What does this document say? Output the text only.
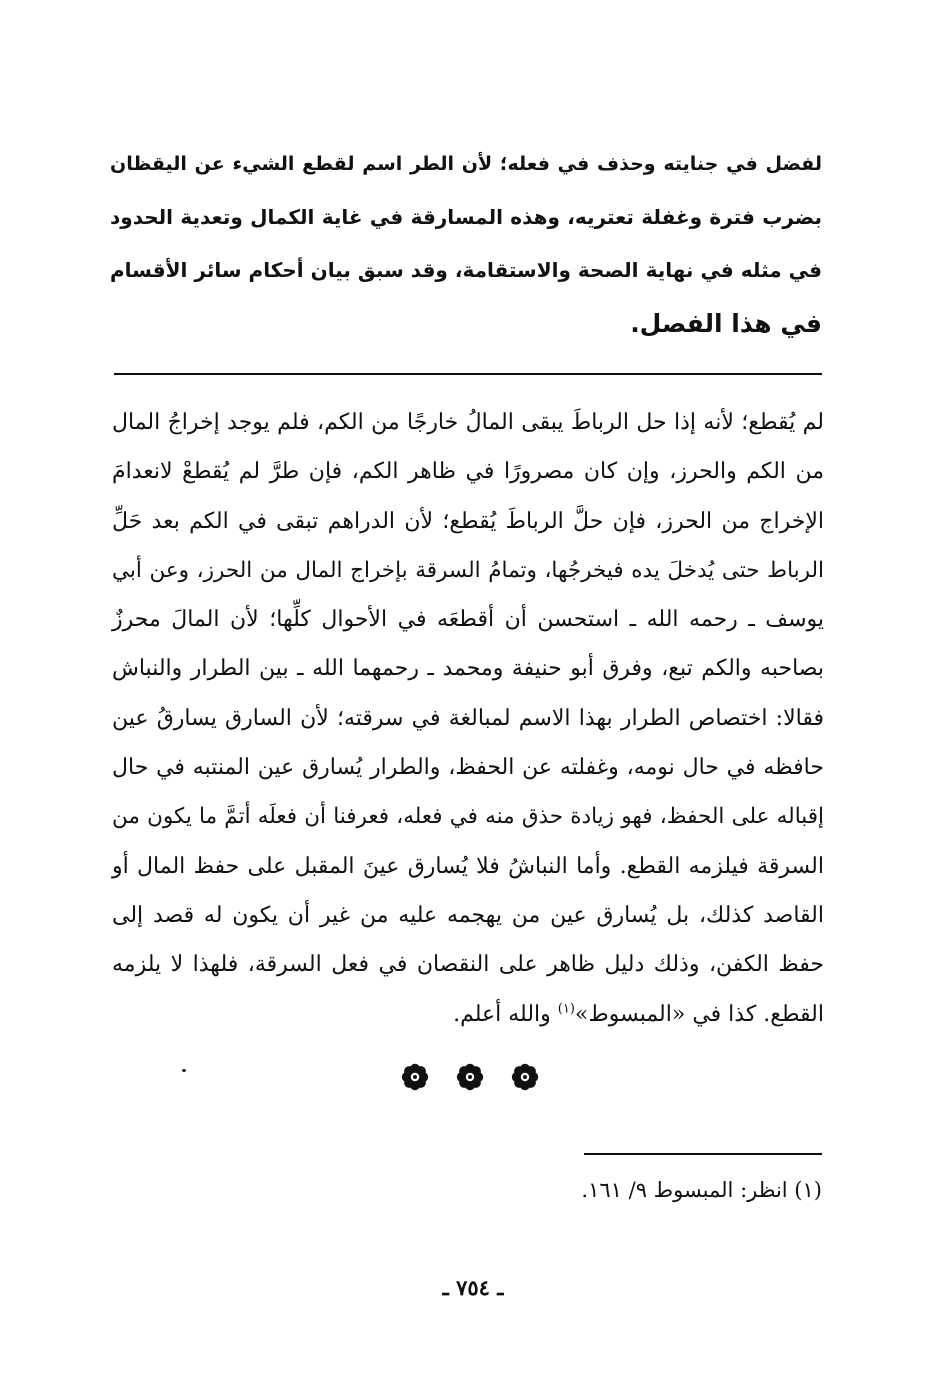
لفضل في جنايته وحذف في فعله؛ لأن الطر اسم لقطع الشيء عن اليقظان
بضرب فترة وغفلة تعتريه، وهذه المسارقة في غاية الكمال وتعدية الحدود
في مثله في نهاية الصحة والاستقامة، وقد سبق بيان أحكام سائر الأقسام
في هذا الفصل.
لم يُقطع؛ لأنه إذا حل الرباطَ يبقى المالُ خارجًا من الكم، فلم يوجد إخراجُ المال
من الكم والحرز، وإن كان مصرورًا في ظاهر الكم، فإن طرَّ لم يُقطعْ لانعدامَ
الإخراج من الحرز، فإن حلَّ الرباطَ يُقطع؛ لأن الدراهم تبقى في الكم بعد حَلِّ
الرباط حتى يُدخلَ يده فيخرجُها، وتمامُ السرقة بإخراج المال من الحرز، وعن أبي
يوسف ـ رحمه الله ـ استحسن أن أقطعَه في الأحوال كلِّها؛ لأن المالَ محرزٌ
بصاحبه والكم تبع، وفرق أبو حنيفة ومحمد ـ رحمهما الله ـ بين الطرار والنباش
فقالا: اختصاص الطرار بهذا الاسم لمبالغة في سرقته؛ لأن السارق يسارقُ عين
حافظه في حال نومه، وغفلته عن الحفظ، والطرار يُسارق عين المنتبه في حال
إقباله على الحفظ، فهو زيادة حذق منه في فعله، فعرفنا أن فعلَه أتمَّ ما يكون من
السرقة فيلزمه القطع. وأما النباشُ فلا يُسارق عينَ المقبل على حفظ المال أو
القاصد كذلك، بل يُسارق عين من يهجمه عليه من غير أن يكون له قصد إلى
حفظ الكفن، وذلك دليل ظاهر على النقصان في فعل السرقة، فلهذا لا يلزمه
القطع. كذا في «المبسوط»$^{(١)}$ والله أعلم.
(١) انظر: المبسوط ٩/ ١٦١.
ـ ٧٥٤ ـ
